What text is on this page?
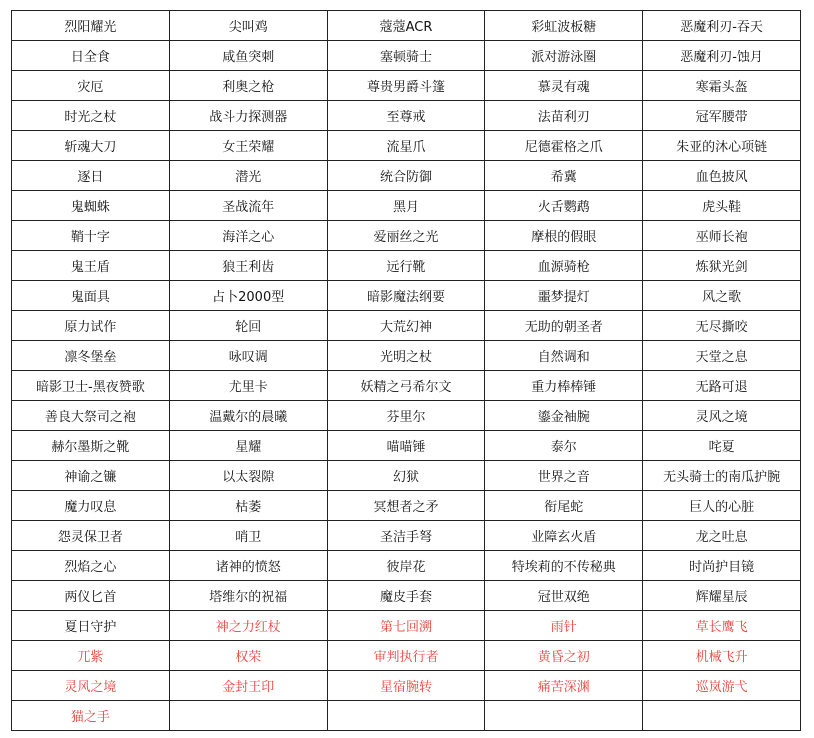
烈阳耀光	尖叫鸡	蔻蔻ACR	彩虹波板糖	恶魔利刃-吞天
日全食	咸鱼突刺	塞顿骑士	派对游泳圈	恶魔利刃-蚀月
灾厄	利奥之枪	尊贵男爵斗篷	慕灵有魂	寒霜头盔
时光之杖	战斗力探测器	至尊戒	法苗利刃	冠军腰带
斩魂大刀	女王荣耀	流星爪	尼德霍格之爪	朱亚的沐心项链
逐日	潜光	统合防御	希冀	血色披风
鬼蜘蛛	圣战流年	黑月	火舌鹦鹉	虎头鞋
鞘十字	海洋之心	爱丽丝之光	摩根的假眼	巫师长袍
鬼王盾	狼王利齿	远行靴	血源骑枪	炼狱光剑
鬼面具	占卜2000型	暗影魔法纲要	噩梦提灯	风之歌
原力试作	轮回	大荒幻神	无助的朝圣者	无尽撕咬
凛冬堡垒	咏叹调	光明之杖	自然调和	天堂之息
暗影卫士-黑夜赞歌	尤里卡	妖精之弓希尔文	重力棒棒锤	无路可退
善良大祭司之袍	温戴尔的晨曦	芬里尔	鎏金袖腕	灵风之境
赫尔墨斯之靴	星耀	喵喵锤	泰尔	咤夏
神谕之镰	以太裂隙	幻狱	世界之音	无头骑士的南瓜护腕
魔力叹息	枯萎	冥想者之矛	衔尾蛇	巨人的心脏
怨灵保卫者	哨卫	圣洁手弩	业障玄火盾	龙之吐息
烈焰之心	诸神的愤怒	彼岸花	特埃莉的不传秘典	时尚护目镜
两仪匕首	塔维尔的祝福	魔皮手套	冠世双绝	辉耀星辰
夏日守护	神之力红杖	第七回溯	雨针	草长鹰飞
兀紫	权荣	审判执行者	黄昏之初	机械飞升
灵风之境	金封王印	星宿腕转	痛苦深渊	巡岚游弋
猫之手				
